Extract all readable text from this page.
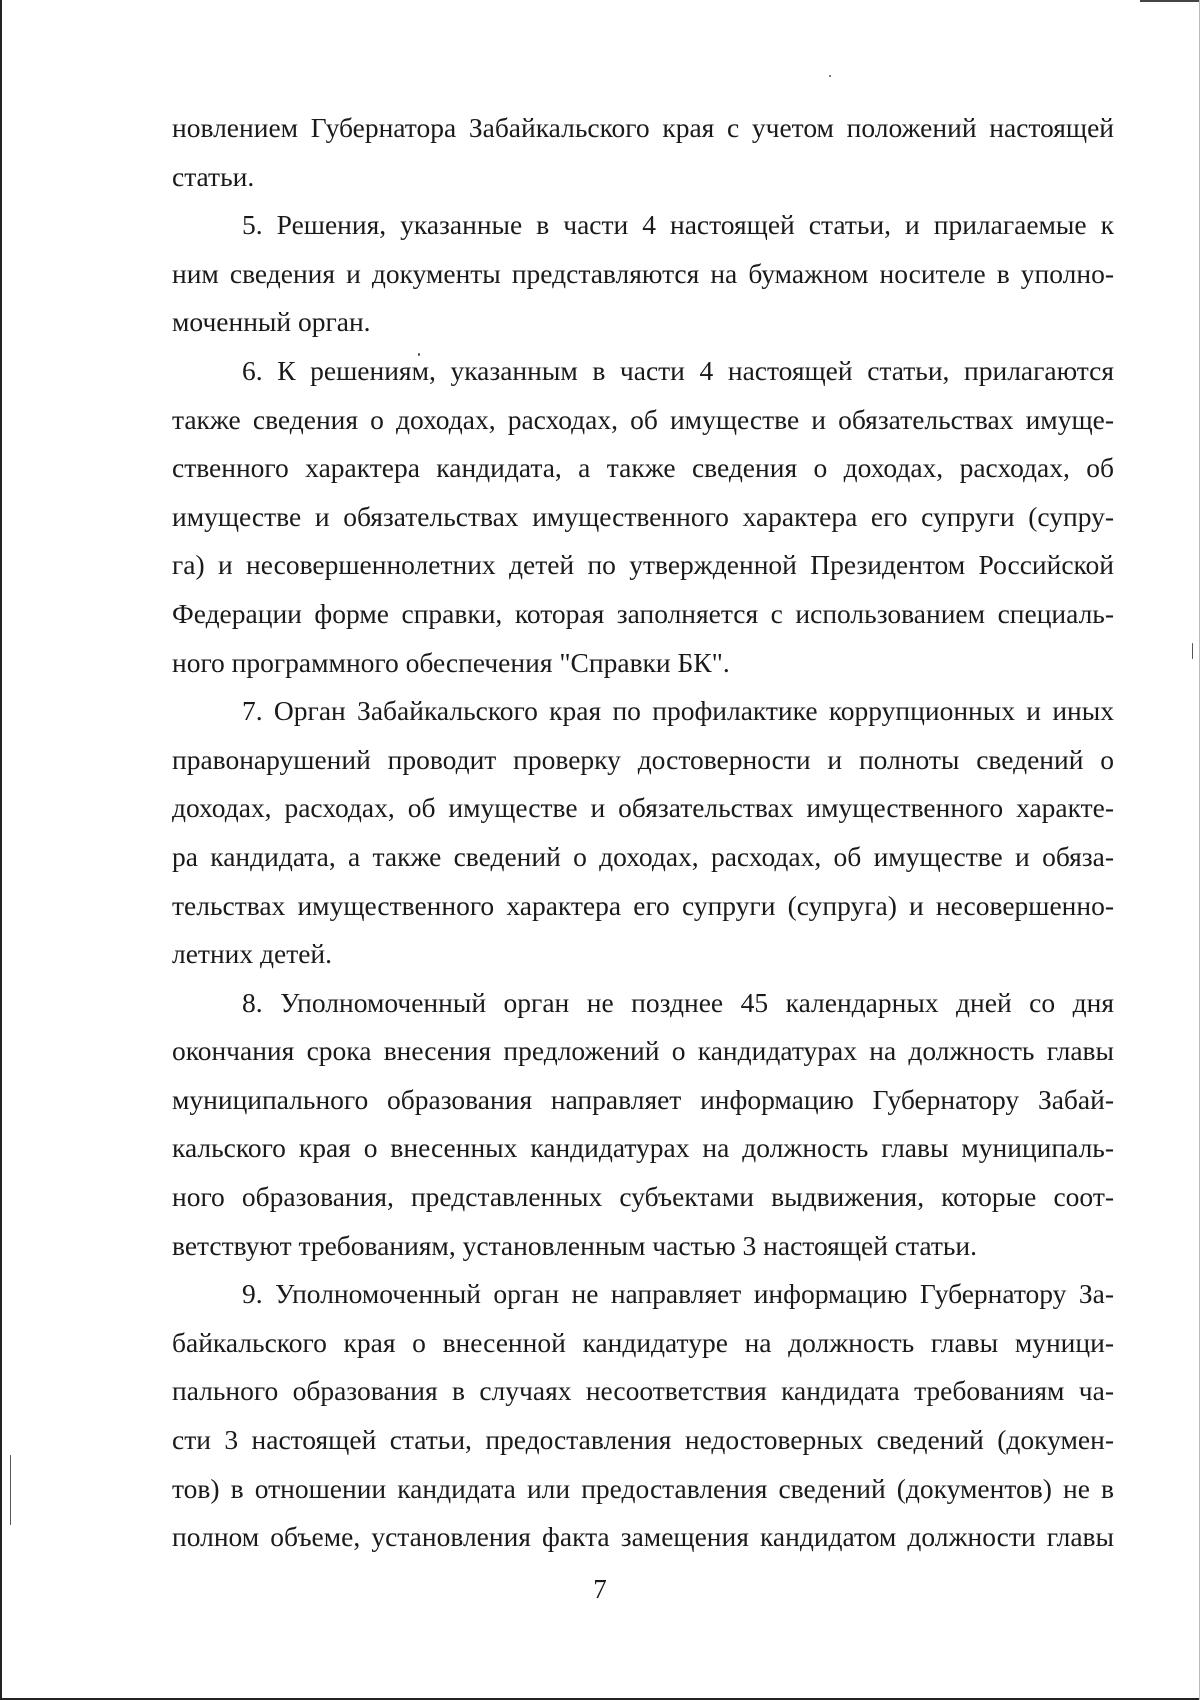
новлением Губернатора Забайкальского края с учетом положений настоящей
статьи.
5. Решения, указанные в части 4 настоящей статьи, и прилагаемые к
ним сведения и документы представляются на бумажном носителе в уполно-
моченный орган.
6. К решениям, указанным в части 4 настоящей статьи, прилагаются
также сведения о доходах, расходах, об имуществе и обязательствах имуще-
ственного характера кандидата, а также сведения о доходах, расходах, об
имуществе и обязательствах имущественного характера его супруги (супру-
га) и несовершеннолетних детей по утвержденной Президентом Российской
Федерации форме справки, которая заполняется с использованием специаль-
ного программного обеспечения "Справки БК".
7. Орган Забайкальского края по профилактике коррупционных и иных
правонарушений проводит проверку достоверности и полноты сведений о
доходах, расходах, об имуществе и обязательствах имущественного характе-
ра кандидата, а также сведений о доходах, расходах, об имуществе и обяза-
тельствах имущественного характера его супруги (супруга) и несовершенно-
летних детей.
8. Уполномоченный орган не позднее 45 календарных дней со дня
окончания срока внесения предложений о кандидатурах на должность главы
муниципального образования направляет информацию Губернатору Забай-
кальского края о внесенных кандидатурах на должность главы муниципаль-
ного образования, представленных субъектами выдвижения, которые соот-
ветствуют требованиям, установленным частью 3 настоящей статьи.
9. Уполномоченный орган не направляет информацию Губернатору За-
байкальского края о внесенной кандидатуре на должность главы муници-
пального образования в случаях несоответствия кандидата требованиям ча-
сти 3 настоящей статьи, предоставления недостоверных сведений (докумен-
тов) в отношении кандидата или предоставления сведений (документов) не в
полном объеме, установления факта замещения кандидатом должности главы
7
